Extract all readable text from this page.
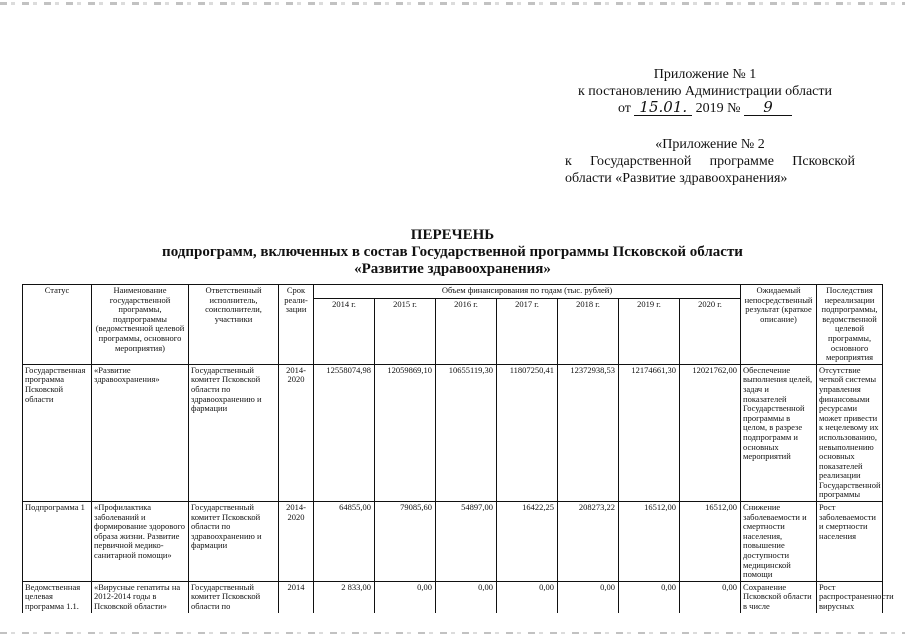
Приложение № 1
к постановлению Администрации области
от 15.01. 2019 № 9
«Приложение № 2
к Государственной программе Псковской
области «Развитие здравоохранения»
ПЕРЕЧЕНЬ
подпрограмм, включенных в состав Государственной программы Псковской области
«Развитие здравоохранения»
Статус	Наименование государственной программы, подпрограммы (ведомственной целевой программы, основного мероприятия)	Ответственный исполнитель, соисполнители, участники	Срок реали-зации	Объем финансирования по годам (тыс. рублей)							Ожидаемый непосредственный результат (краткое описание)	Последствия нереализации подпрограммы, ведомственной целевой программы, основного мероприятия
				2014 г.	2015 г.	2016 г.	2017 г.	2018 г.	2019 г.	2020 г.		
Государственная программа Псковской области	«Развитие здравоохранения»	Государственный комитет Псковской области по здравоохранению и фармации	2014-2020	12558074,98	12059869,10	10655119,30	11807250,41	12372938,53	12174661,30	12021762,00	Обеспечение выполнения целей, задач и показателей Государственной программы в целом, в разрезе подпрограмм и основных мероприятий	Отсутствие четкой системы управления финансовыми ресурсами может привести к нецелевому их использованию, невыполнению основных показателей реализации Государственной программы
Подпрограмма 1	«Профилактика заболеваний и формирование здорового образа жизни. Развитие первичной медико-санитарной помощи»	Государственный комитет Псковской области по здравоохранению и фармации	2014-2020	64855,00	79085,60	54897,00	16422,25	208273,22	16512,00	16512,00	Снижение заболеваемости и смертности населения, повышение доступности медицинской помощи	Рост заболеваемости и смертности населения
Ведомственная целевая программа 1.1.	«Вирусные гепатиты на 2012-2014 годы в Псковской области»	Государственный комитет Псковской области по	2014	2 833,00	0,00	0,00	0,00	0,00	0,00	0,00	Сохранение Псковской области в числе	Рост распространенности вирусных
